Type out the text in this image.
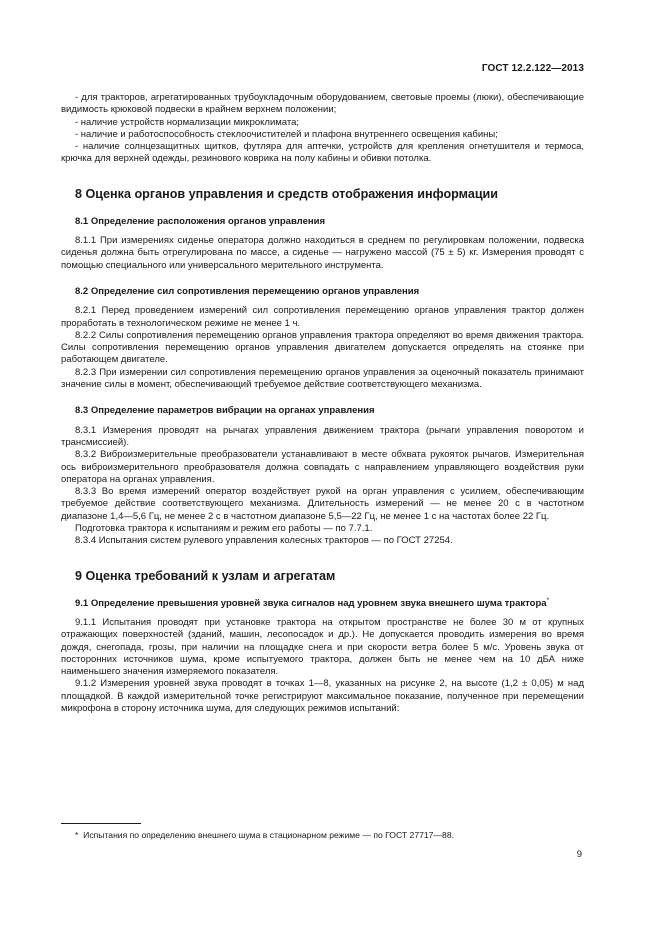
ГОСТ 12.2.122—2013

- для тракторов, агрегатированных трубоукладочным оборудованием, световые проемы (люки), обеспечивающие видимость крюковой подвески в крайнем верхнем положении;

- наличие устройств нормализации микроклимата;

- наличие и работоспособность стеклоочистителей и плафона внутреннего освещения кабины;

- наличие солнцезащитных щитков, футляра для аптечки, устройств для крепления огнетушителя и термоса, крючка для верхней одежды, резинового коврика на полу кабины и обивки потолка.

8 Оценка органов управления и средств отображения информации
8.1 Определение расположения органов управления

8.1.1 При измерениях сиденье оператора должно находиться в среднем по регулировкам положении, подвеска сиденья должна быть отрегулирована по массе, а сиденье — нагружено массой (75 ± 5) кг. Измерения проводят с помощью специального или универсального мерительного инструмента.

8.2 Определение сил сопротивления перемещению органов управления

8.2.1 Перед проведением измерений сил сопротивления перемещению органов управления трактор должен проработать в технологическом режиме не менее 1 ч.

8.2.2 Силы сопротивления перемещению органов управления трактора определяют во время движения трактора. Силы сопротивления перемещению органов управления двигателем допускается определять на стоянке при работающем двигателе.

8.2.3 При измерении сил сопротивления перемещению органов управления за оценочный показатель принимают значение силы в момент, обеспечивающий требуемое действие соответствующего механизма.

8.3 Определение параметров вибрации на органах управления

8.3.1 Измерения проводят на рычагах управления движением трактора (рычаги управления поворотом и трансмиссией).

8.3.2 Виброизмерительные преобразователи устанавливают в месте обхвата рукояток рычагов. Измерительная ось виброизмерительного преобразователя должна совпадать с направлением управляющего воздействия руки оператора на органах управления.

8.3.3 Во время измерений оператор воздействует рукой на орган управления с усилием, обеспечивающим требуемое действие соответствующего механизма. Длительность измерений — не менее 20 с в частотном диапазоне 1,4—5,6 Гц, не менее 2 с в частотном диапазоне 5,5—22 Гц, не менее 1 с на частотах более 22 Гц.

Подготовка трактора к испытаниям и режим его работы — по 7.7.1.

8.3.4 Испытания систем рулевого управления колесных тракторов — по ГОСТ 27254.

9 Оценка требований к узлам и агрегатам
9.1 Определение превышения уровней звука сигналов над уровнем звука внешнего шума трактора*

9.1.1 Испытания проводят при установке трактора на открытом пространстве не более 30 м от крупных отражающих поверхностей (зданий, машин, лесопосадок и др.). Не допускается проводить измерения во время дождя, снегопада, грозы, при наличии на площадке снега и при скорости ветра более 5 м/с. Уровень звука от посторонних источников шума, кроме испытуемого трактора, должен быть не менее чем на 10 дБА ниже наименьшего значения измеряемого показателя.

9.1.2 Измерения уровней звука проводят в точках 1—8, указанных на рисунке 2, на высоте (1,2 ± 0,05) м над площадкой. В каждой измерительной точке регистрируют максимальное показание, полученное при перемещении микрофона в сторону источника шума, для следующих режимов испытаний:

* Испытания по определению внешнего шума в стационарном режиме — по ГОСТ 27717—88.
9
